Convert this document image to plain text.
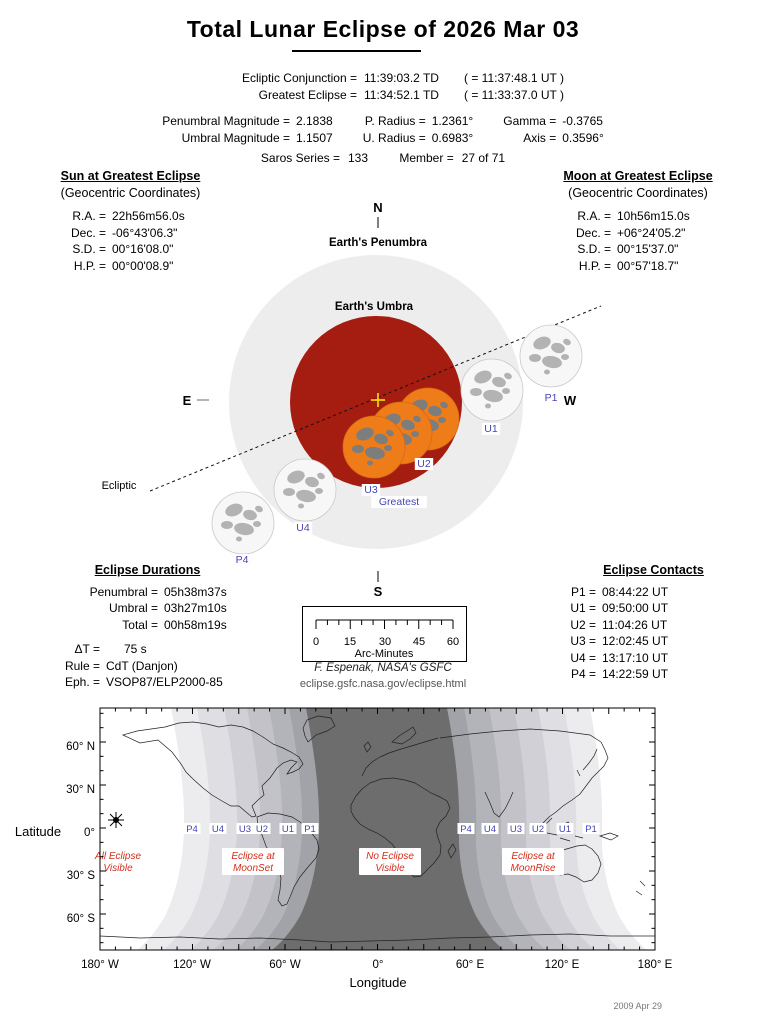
Total Lunar Eclipse of 2026 Mar 03
Ecliptic Conjunction = 11:39:03.2 TD	( = 11:37:48.1 UT )
Greatest Eclipse = 11:34:52.1 TD	( = 11:33:37.0 UT )
Penumbral Magnitude = 2.1838
Umbral Magnitude = 1.1507
P. Radius = 1.2361°
U. Radius = 0.6983°
Gamma = -0.3765
Axis = 0.3596°
Saros Series = 133	Member = 27 of 71
Sun at Greatest Eclipse
(Geocentric Coordinates)
R.A. = 22h56m56.0s
Dec. = -06°43'06.3"
S.D. = 00°16'08.0"
H.P. = 00°00'08.9"
Moon at Greatest Eclipse
(Geocentric Coordinates)
R.A. = 10h56m15.0s
Dec. = +06°24'05.2"
S.D. = 00°15'37.0"
H.P. = 00°57'18.7"
N
Earth's Penumbra
Earth's Umbra
Ecliptic
P1
U1
U2
Greatest
U3
U4
P4
E	W
S
Eclipse Durations
Penumbral = 05h38m37s
Umbral = 03h27m10s
Total = 00h58m19s
ΔT =	75 s
Rule = CdT (Danjon)
Eph. = VSOP87/ELP2000-85
0 15 30 45 60
Arc-Minutes
F. Espenak, NASA's GSFC
eclipse.gsfc.nasa.gov/eclipse.html
Eclipse Contacts
P1 = 08:44:22 UT
U1 = 09:50:00 UT
U2 = 11:04:26 UT
U3 = 12:02:45 UT
U4 = 13:17:10 UT
P4 = 14:22:59 UT
P4 U4 U3 U2 U1 P1	P4 U4 U3 U2 U1 P1
All Eclipse
Visible
Eclipse at
MoonSet
No Eclipse
Visible
Eclipse at
MoonRise
Latitude
60° N
30° N
0°
30° S
60° S
180° W	120° W	60° W	0°	60° E	120° E	180° E
Longitude
2009 Apr 29
